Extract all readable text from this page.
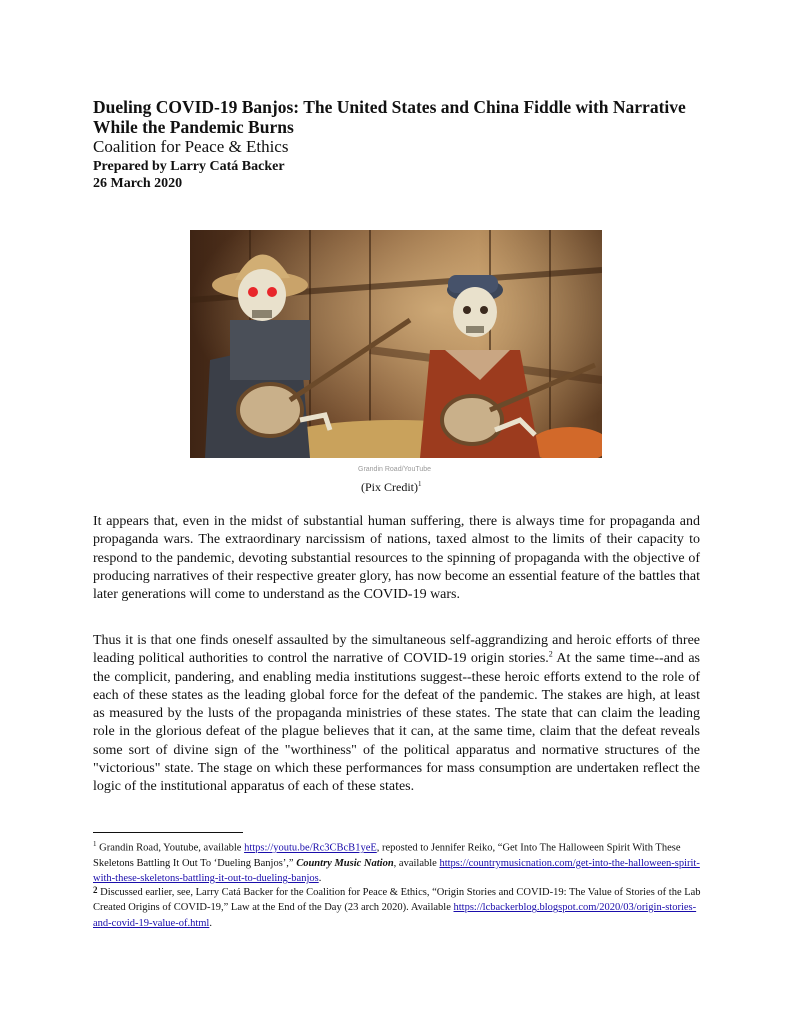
Dueling COVID-19 Banjos: The United States and China Fiddle with Narrative While the Pandemic Burns
Coalition for Peace & Ethics
Prepared by Larry Catá Backer
26 March 2020
Grandin Road/YouTube
(Pix Credit)$^1$

It appears that, even in the midst of substantial human suffering, there is always time for propaganda and propaganda wars. The extraordinary narcissism of nations, taxed almost to the limits of their capacity to respond to the pandemic, devoting substantial resources to the spinning of propaganda with the objective of producing narratives of their respective greater glory, has now become an essential feature of the battles that later generations will come to understand as the COVID-19 wars.

Thus it is that one finds oneself assaulted by the simultaneous self-aggrandizing and heroic efforts of three leading political authorities to control the narrative of COVID-19 origin stories.$^2$ At the same time--and as the complicit, pandering, and enabling media institutions suggest--these heroic efforts extend to the role of each of these states as the leading global force for the defeat of the pandemic. The stakes are high, at least as measured by the lusts of the propaganda ministries of these states. The state that can claim the leading role in the glorious defeat of the plague believes that it can, at the same time, claim that the defeat reveals some sort of divine sign of the "worthiness" of the political apparatus and normative structures of the "victorious" state. The stage on which these performances for mass consumption are undertaken reflect the logic of the institutional apparatus of each of these states.

$^1$ Grandin Road, Youtube, available https://youtu.be/Rc3CBcB1yeE, reposted to Jennifer Reiko, “Get Into The Halloween Spirit With These Skeletons Battling It Out To ‘Dueling Banjos’,” Country Music Nation, available https://countrymusicnation.com/get-into-the-halloween-spirit-with-these-skeletons-battling-it-out-to-dueling-banjos.

2 Discussed earlier, see, Larry Catá Backer for the Coalition for Peace & Ethics, “Origin Stories and COVID-19: The Value of Stories of the Lab Created Origins of COVID-19,” Law at the End of the Day (23 arch 2020). Available https://lcbackerblog.blogspot.com/2020/03/origin-stories-and-covid-19-value-of.html.
